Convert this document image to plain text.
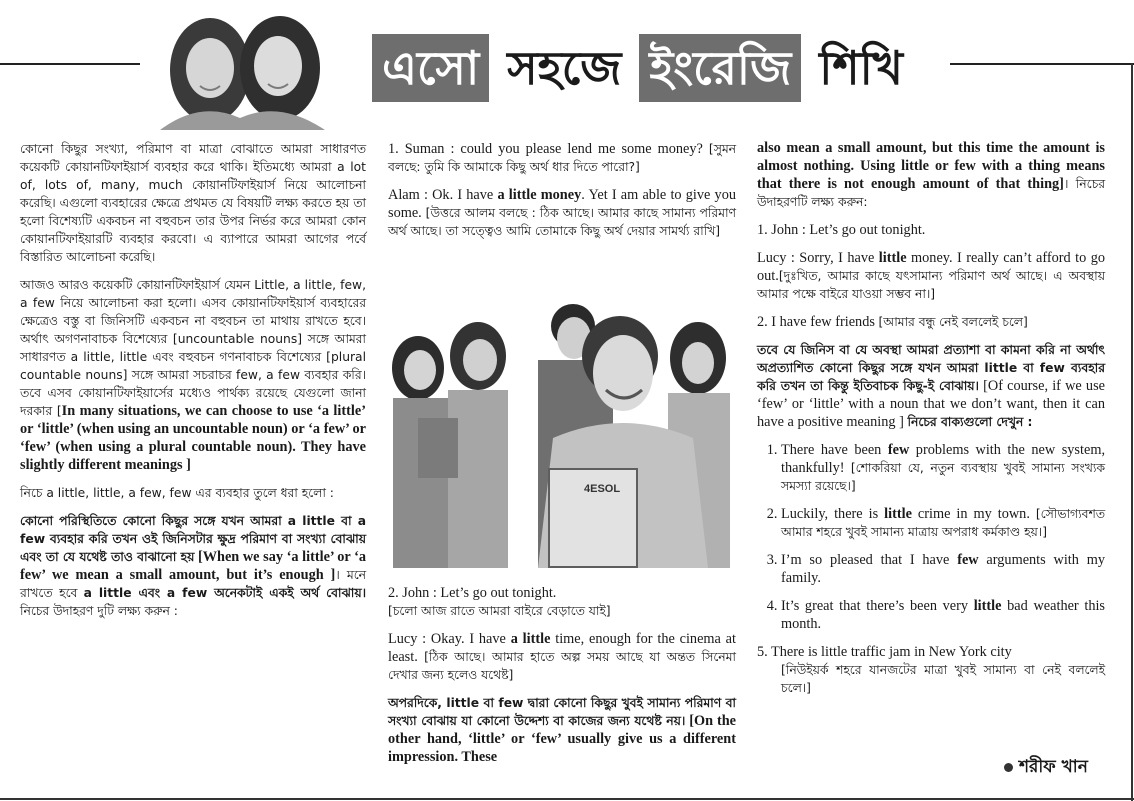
এসো সহজে ইংরেজি শিখি

কোনো কিছুর সংখ্যা, পরিমাণ বা মাত্রা বোঝাতে আমরা সাধারণত কয়েকটি কোয়ানটিফাইয়ার্স ব্যবহার করে থাকি। ইতিমধ্যে আমরা a lot of, lots of, many, much কোয়ানটিফাইয়ার্স নিয়ে আলোচনা করেছি। এগুলো ব্যবহারের ক্ষেত্রে প্রথমত যে বিষয়টি লক্ষ্য করতে হয় তা হলো বিশেষ্যটি একবচন না বহুবচন তার উপর নির্ভর করে আমরা কোন কোয়ানটিফাইয়ারটি ব্যবহার করবো। এ ব্যাপারে আমরা আগের পর্বে বিস্তারিত আলোচনা করেছি।

আজও আরও কয়েকটি কোয়ানটিফাইয়ার্স যেমন Little, a little, few, a few নিয়ে আলোচনা করা হলো। এসব কোয়ানটিফাইয়ার্স ব্যবহারের ক্ষেত্রেও বস্তু বা জিনিসটি একবচন না বহুবচন তা মাথায় রাখতে হবে। অর্থাৎ অগণনাবাচক বিশেষ্যের [uncountable nouns] সঙ্গে আমরা সাধারণত a little, little এবং বহুবচন গণনাবাচক বিশেষ্যের [plural countable nouns] সঙ্গে আমরা সচরাচর few, a few ব্যবহার করি। তবে এসব কোয়ানটিফাইয়ার্সের মধ্যেও পার্থক্য রয়েছে যেগুলো জানা দরকার [In many situations, we can choose to use ‘a little’ or ‘little’ (when using an uncountable noun) or ‘a few’ or ‘few’ (when using a plural countable noun). They have slightly different meanings ]

নিচে a little, little, a few, few এর ব্যবহার তুলে ধরা হলো :

কোনো পরিস্থিতিতে কোনো কিছুর সঙ্গে যখন আমরা a little বা a few ব্যবহার করি তখন ওই জিনিসটার ক্ষুদ্র পরিমাণ বা সংখ্যা বোঝায় এবং তা যে যথেষ্ট তাও বাঝানো হয় [When we say ‘a little’ or ‘a few’ we mean a small amount, but it’s enough ]। মনে রাখতে হবে a little এবং a few অনেকটাই একই অর্থ বোঝায়। নিচের উদাহরণ দুটি লক্ষ্য করুন :

1. Suman : could you please lend me some money? [সুমন বলছে: তুমি কি আমাকে কিছু অর্থ ধার দিতে পারো?]

Alam : Ok. I have a little money. Yet I am able to give you some. [উত্তরে আলম বলছে : ঠিক আছে। আমার কাছে সামান্য পরিমাণ অর্থ আছে। তা সত্ত্বেও আমি তোমাকে কিছু অর্থ দেয়ার সামর্থ্য রাখি]

4ESOL

2. John : Let’s go out tonight.
[চলো আজ রাতে আমরা বাইরে বেড়াতে যাই]

Lucy : Okay. I have a little time, enough for the cinema at least. [ঠিক আছে। আমার হাতে অল্প সময় আছে যা অন্তত সিনেমা দেখার জন্য হলেও যথেষ্ট]

অপরদিকে, little বা few দ্বারা কোনো কিছুর খুবই সামান্য পরিমাণ বা সংখ্যা বোঝায় যা কোনো উদ্দেশ্য বা কাজের জন্য যথেষ্ট নয়। [On the other hand, ‘little’ or ‘few’ usually give us a different impression. These

also mean a small amount, but this time the amount is almost nothing. Using little or few with a thing means that there is not enough amount of that thing]। নিচের উদাহরণটি লক্ষ্য করুন:

1. John : Let’s go out tonight.

Lucy : Sorry, I have little money. I really can’t afford to go out.[দুঃখিত, আমার কাছে যৎসামান্য পরিমাণ অর্থ আছে। এ অবস্থায় আমার পক্ষে বাইরে যাওয়া সম্ভব না।]

2. I have few friends [আমার বন্ধু নেই বললেই চলে]

তবে যে জিনিস বা যে অবস্থা আমরা প্রত্যাশা বা কামনা করি না অর্থাৎ অপ্রত্যাশিত কোনো কিছুর সঙ্গে যখন আমরা little বা few ব্যবহার করি তখন তা কিন্তু ইতিবাচক কিছু-ই বোঝায়। [Of course, if we use ‘few’ or ‘little’ with a noun that we don’t want, then it can have a positive meaning ] নিচের বাক্যগুলো দেখুন :

1. There have been few problems with the new system, thankfully! [শোকরিয়া যে, নতুন ব্যবস্থায় খুবই সামান্য সংখ্যক সমস্যা রয়েছে।]
2. Luckily, there is little crime in my town. [সৌভাগ্যবশত আমার শহরে খুবই সামান্য মাত্রায় অপরাধ কর্মকাণ্ড হয়।]
3. I’m so pleased that I have few arguments with my family.
4. It’s great that there’s been very little bad weather this month.

5. There is little traffic jam in New York city
[নিউইয়র্ক শহরে যানজটের মাত্রা খুবই সামান্য বা নেই বললেই চলে।]

শরীফ খান
